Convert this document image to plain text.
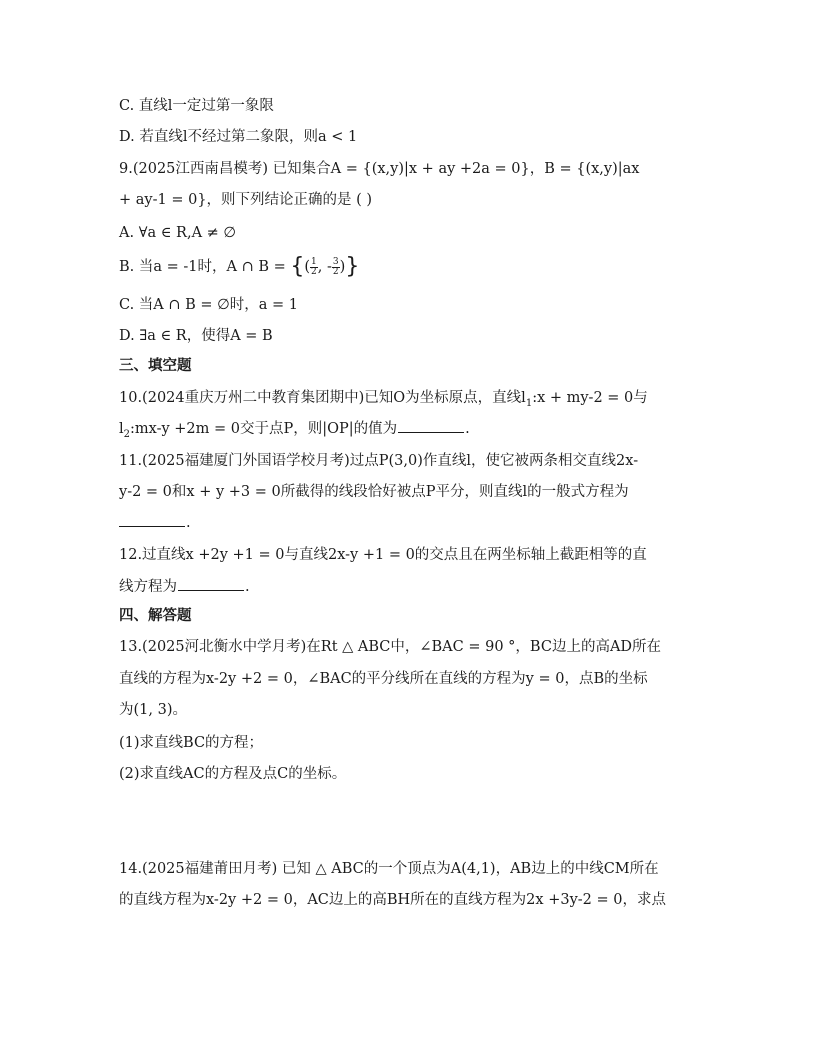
C. 直线l一定过第一象限
D. 若直线l不经过第二象限，则a < 1
9.(2025江西南昌模考) 已知集合A = {(x,y)|x + ay +2a = 0}，B = {(x,y)|ax
+ ay-1 = 0}，则下列结论正确的是 ( )
A. ∀a ∈ R,A ≠ ∅
B. 当a = -1时，A ∩ B = {( $\frac{1}{2}$ , - $\frac{3}{2}$ )}
C. 当A ∩ B = ∅时，a = 1
D. ∃a ∈ R，使得A = B
三、填空题
10.(2024重庆万州二中教育集团期中)已知O为坐标原点，直线$l_1:x + my-2 = 0$与
$l_2:mx-y +2m = 0$交于点P，则|OP|的值为	.
11.(2025福建厦门外国语学校月考)过点P(3,0)作直线l，使它被两条相交直线2x-
y-2 = 0和x + y +3 = 0所截得的线段恰好被点P平分，则直线l的一般式方程为
.
12.过直线x +2y +1 = 0与直线2x-y +1 = 0的交点且在两坐标轴上截距相等的直
线方程为	.
四、解答题
13.(2025河北衡水中学月考)在Rt △ ABC中，∠BAC = 90 °，BC边上的高AD所在
直线的方程为x-2y +2 = 0，∠BAC的平分线所在直线的方程为y = 0，点B的坐标
为(1, 3)。
(1)求直线BC的方程；
(2)求直线AC的方程及点C的坐标。
14.(2025福建莆田月考) 已知 △ ABC的一个顶点为A(4,1)，AB边上的中线CM所在
的直线方程为x-2y +2 = 0，AC边上的高BH所在的直线方程为2x +3y-2 = 0，求点
